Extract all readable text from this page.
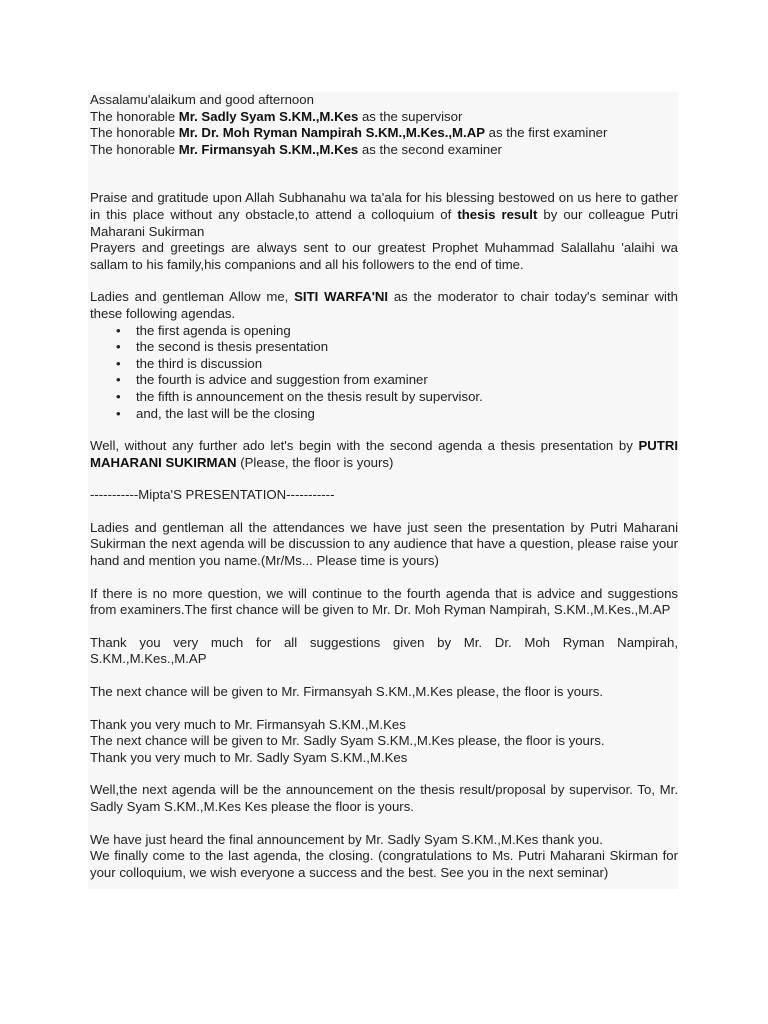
Assalamu'alaikum and good afternoon

The honorable Mr. Sadly Syam S.KM.,M.Kes as the supervisor

The honorable Mr. Dr. Moh Ryman Nampirah S.KM.,M.Kes.,M.AP as the first examiner

The honorable Mr. Firmansyah S.KM.,M.Kes as the second examiner

Praise and gratitude upon Allah Subhanahu wa ta'ala for his blessing bestowed on us here to gather in this place without any obstacle,to attend a colloquium of thesis result by our colleague Putri Maharani Sukirman

Prayers and greetings are always sent to our greatest Prophet Muhammad Salallahu 'alaihi wa sallam to his family,his companions and all his followers to the end of time.

Ladies and gentleman Allow me, SITI WARFA'NI as the moderator to chair today's seminar with these following agendas.

• the first agenda is opening
• the second is thesis presentation
• the third is discussion
• the fourth is advice and suggestion from examiner
• the fifth is announcement on the thesis result by supervisor.
• and, the last will be the closing

Well, without any further ado let's begin with the second agenda a thesis presentation by PUTRI MAHARANI SUKIRMAN (Please, the floor is yours)

-----------Mipta'S PRESENTATION-----------

Ladies and gentleman all the attendances we have just seen the presentation by Putri Maharani Sukirman the next agenda will be discussion to any audience that have a question, please raise your hand and mention you name.(Mr/Ms... Please time is yours)

If there is no more question, we will continue to the fourth agenda that is advice and suggestions from examiners.The first chance will be given to Mr. Dr. Moh Ryman Nampirah, S.KM.,M.Kes.,M.AP

Thank you very much for all suggestions given by Mr. Dr. Moh Ryman Nampirah, S.KM.,M.Kes.,M.AP

The next chance will be given to Mr. Firmansyah S.KM.,M.Kes please, the floor is yours.

Thank you very much to Mr. Firmansyah S.KM.,M.Kes

The next chance will be given to Mr. Sadly Syam S.KM.,M.Kes please, the floor is yours.

Thank you very much to Mr. Sadly Syam S.KM.,M.Kes

Well,the next agenda will be the announcement on the thesis result/proposal by supervisor. To, Mr. Sadly Syam S.KM.,M.Kes Kes please the floor is yours.

We have just heard the final announcement by Mr. Sadly Syam S.KM.,M.Kes thank you.

We finally come to the last agenda, the closing. (congratulations to Ms. Putri Maharani Skirman for your colloquium, we wish everyone a success and the best. See you in the next seminar)
